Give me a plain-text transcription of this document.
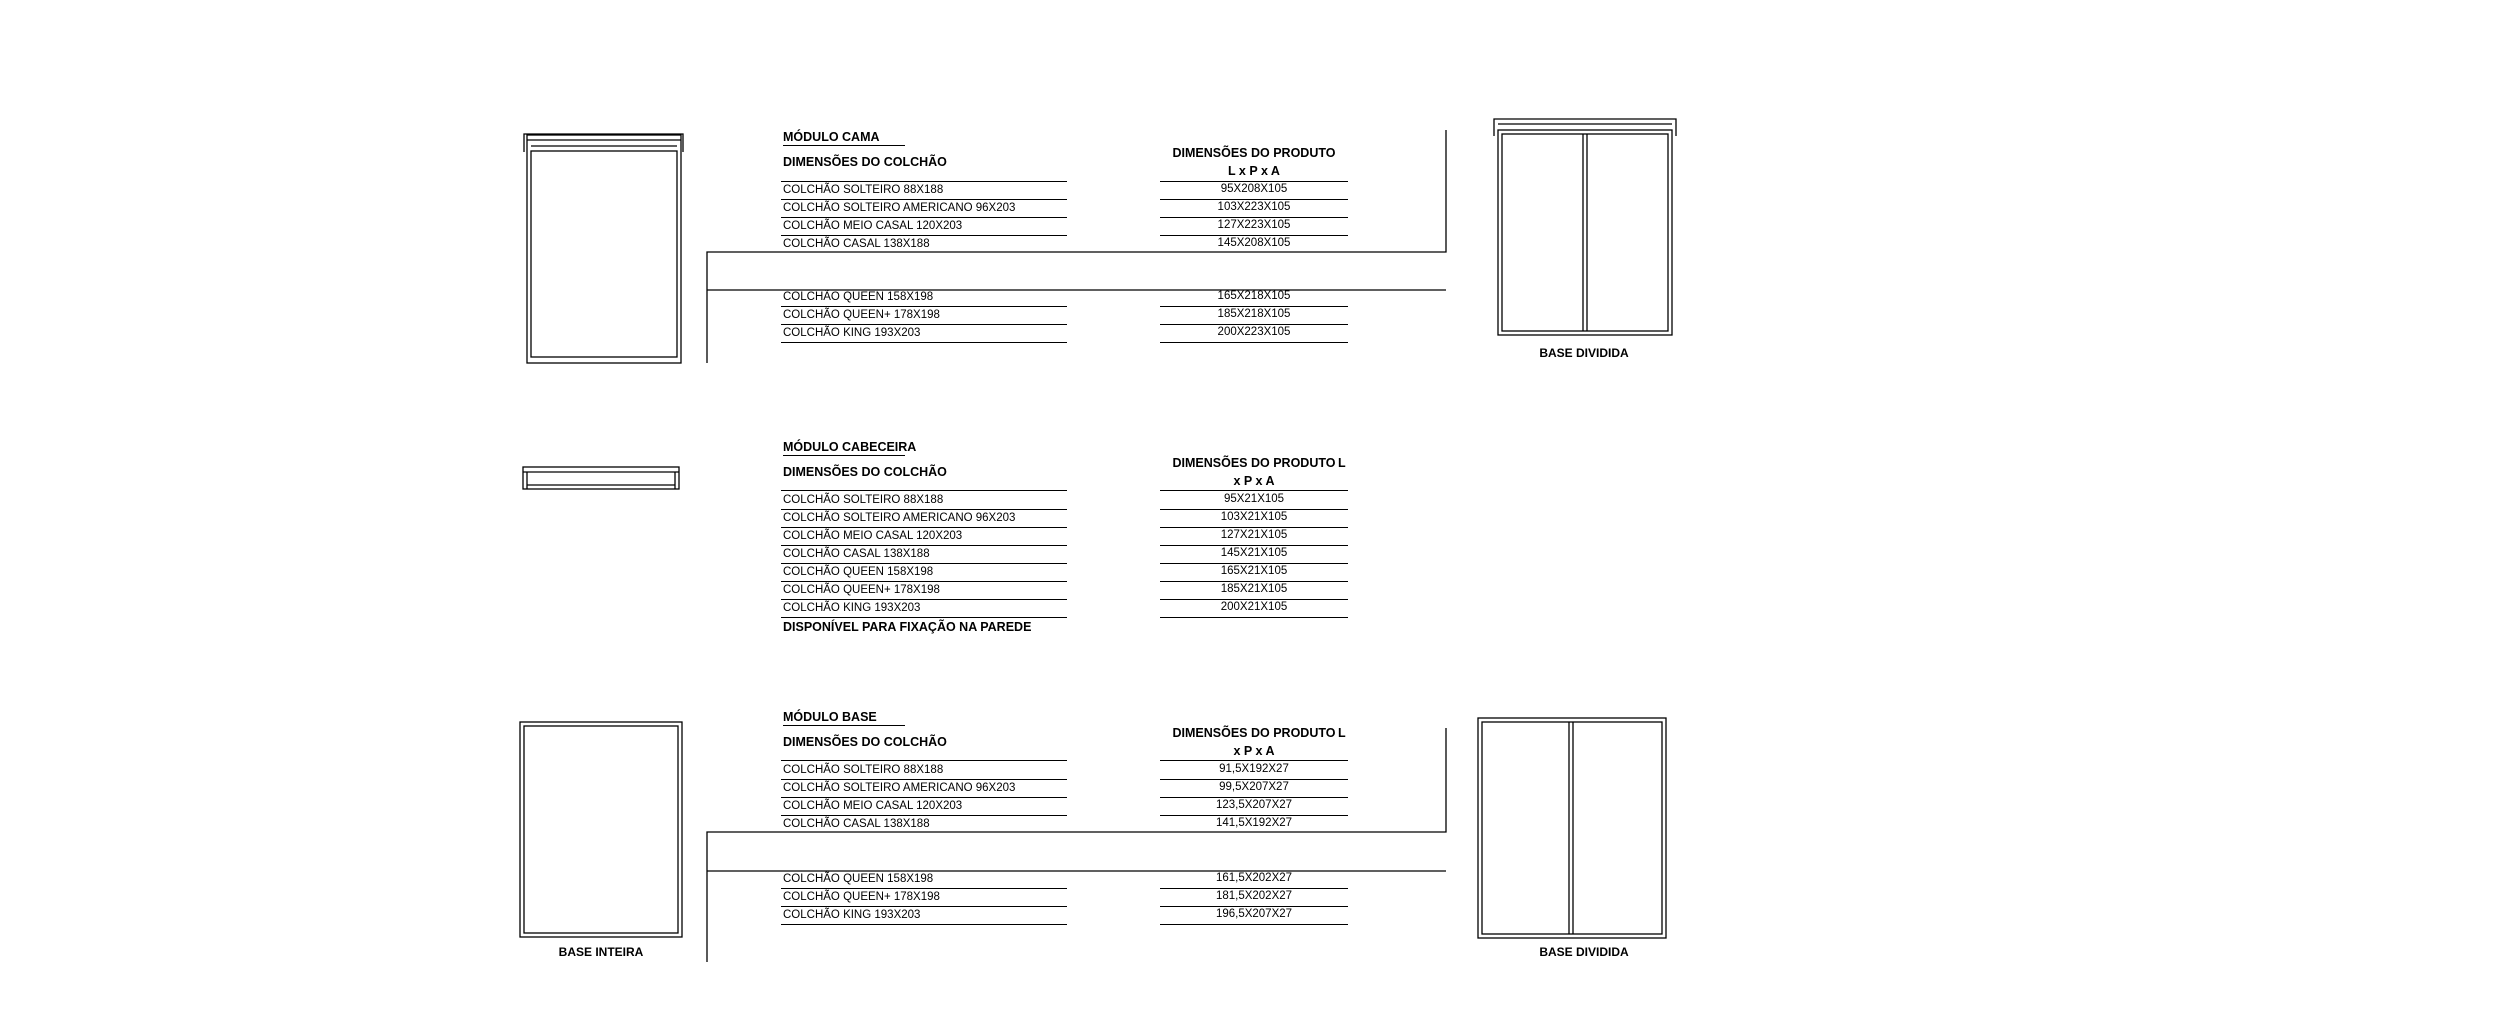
MÓDULO CAMA
DIMENSÕES DO COLCHÃO
DIMENSÕES DO PRODUTO
L x P x A
COLCHÃO SOLTEIRO 88X188	95X208X105
COLCHÃO SOLTEIRO AMERICANO 96X203	103X223X105
COLCHÃO MEIO CASAL 120X203	127X223X105
COLCHÃO CASAL 138X188	145X208X105
COLCHÃO QUEEN 158X198	165X218X105
COLCHÃO QUEEN+ 178X198	185X218X105
COLCHÃO KING 193X203	200X223X105
BASE DIVIDIDA
MÓDULO CABECEIRA
DIMENSÕES DO COLCHÃO
DIMENSÕES DO PRODUTO L
x P x A
COLCHÃO SOLTEIRO 88X188	95X21X105
COLCHÃO SOLTEIRO AMERICANO 96X203	103X21X105
COLCHÃO MEIO CASAL 120X203	127X21X105
COLCHÃO CASAL 138X188	145X21X105
COLCHÃO QUEEN 158X198	165X21X105
COLCHÃO QUEEN+ 178X198	185X21X105
COLCHÃO KING 193X203	200X21X105
DISPONÍVEL PARA FIXAÇÃO NA PAREDE
MÓDULO BASE
DIMENSÕES DO COLCHÃO
DIMENSÕES DO PRODUTO L
x P x A
COLCHÃO SOLTEIRO 88X188	91,5X192X27
COLCHÃO SOLTEIRO AMERICANO 96X203	99,5X207X27
COLCHÃO MEIO CASAL 120X203	123,5X207X27
COLCHÃO CASAL 138X188	141,5X192X27
COLCHÃO QUEEN 158X198	161,5X202X27
COLCHÃO QUEEN+ 178X198	181,5X202X27
COLCHÃO KING 193X203	196,5X207X27
BASE INTEIRA	BASE DIVIDIDA
